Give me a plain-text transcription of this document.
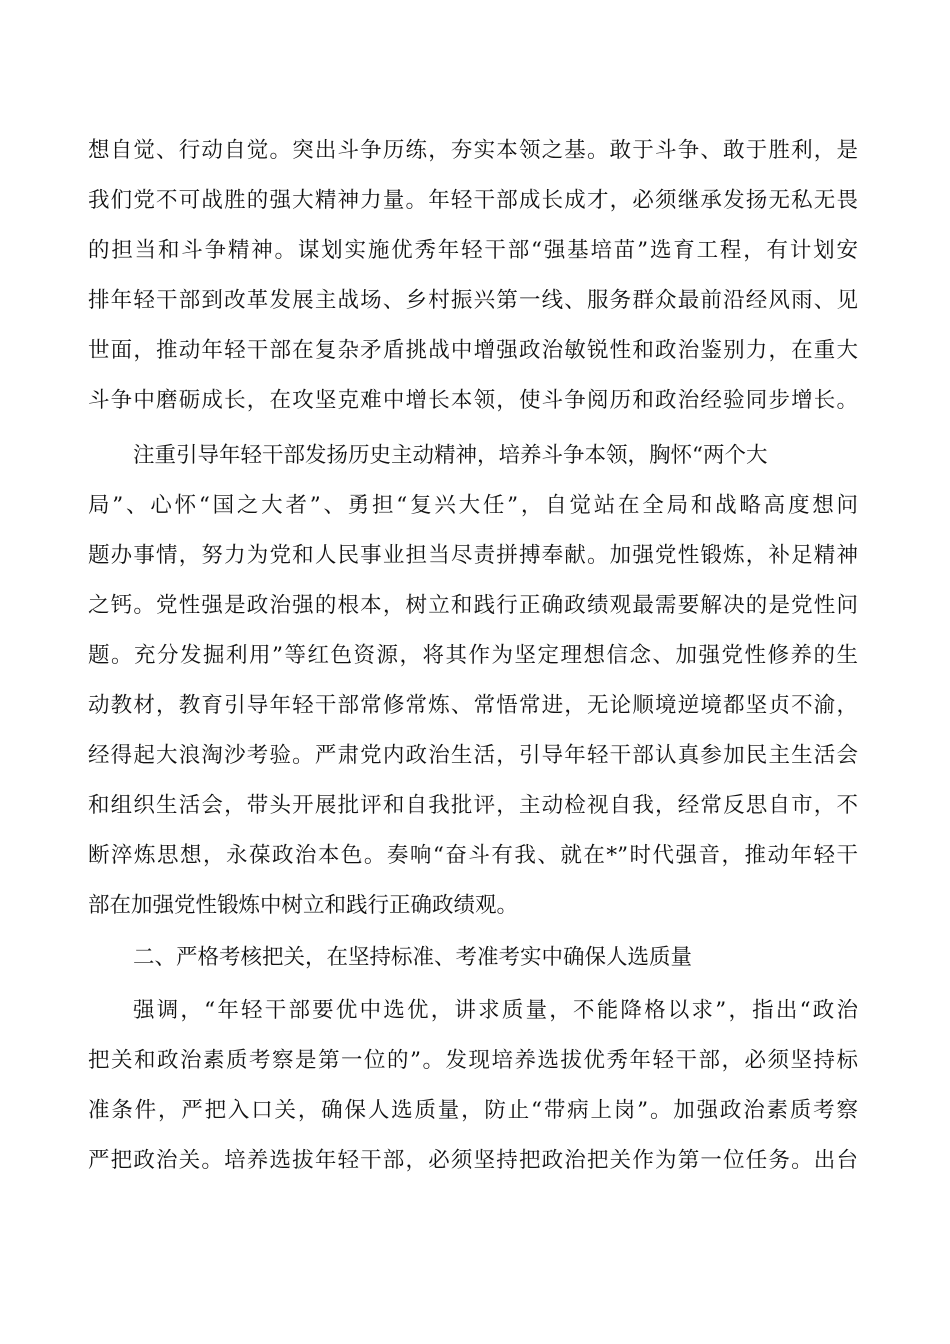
想自觉、行动自觉。突出斗争历练，夯实本领之基。敢于斗争、敢于胜利，是
我们党不可战胜的强大精神力量。年轻干部成长成才，必须继承发扬无私无畏
的担当和斗争精神。谋划实施优秀年轻干部“强基培苗”选育工程，有计划安
排年轻干部到改革发展主战场、乡村振兴第一线、服务群众最前沿经风雨、见
世面，推动年轻干部在复杂矛盾挑战中增强政治敏锐性和政治鉴别力，在重大
斗争中磨砺成长，在攻坚克难中增长本领，使斗争阅历和政治经验同步增长。
注重引导年轻干部发扬历史主动精神，培养斗争本领，胸怀“两个大
局”、心怀“国之大者”、勇担“复兴大任”，自觉站在全局和战略高度想问
题办事情，努力为党和人民事业担当尽责拼搏奉献。加强党性锻炼，补足精神
之钙。党性强是政治强的根本，树立和践行正确政绩观最需要解决的是党性问
题。充分发掘利用”等红色资源，将其作为坚定理想信念、加强党性修养的生
动教材，教育引导年轻干部常修常炼、常悟常进，无论顺境逆境都坚贞不渝，
经得起大浪淘沙考验。严肃党内政治生活，引导年轻干部认真参加民主生活会
和组织生活会，带头开展批评和自我批评，主动检视自我，经常反思自市，不
断淬炼思想，永葆政治本色。奏响“奋斗有我、就在*”时代强音，推动年轻干
部在加强党性锻炼中树立和践行正确政绩观。
二、严格考核把关，在坚持标准、考准考实中确保人选质量
强调，“年轻干部要优中选优，讲求质量，不能降格以求”，指出“政治
把关和政治素质考察是第一位的”。发现培养选拔优秀年轻干部，必须坚持标
准条件，严把入口关，确保人选质量，防止“带病上岗”。加强政治素质考察
严把政治关。培养选拔年轻干部，必须坚持把政治把关作为第一位任务。出台
